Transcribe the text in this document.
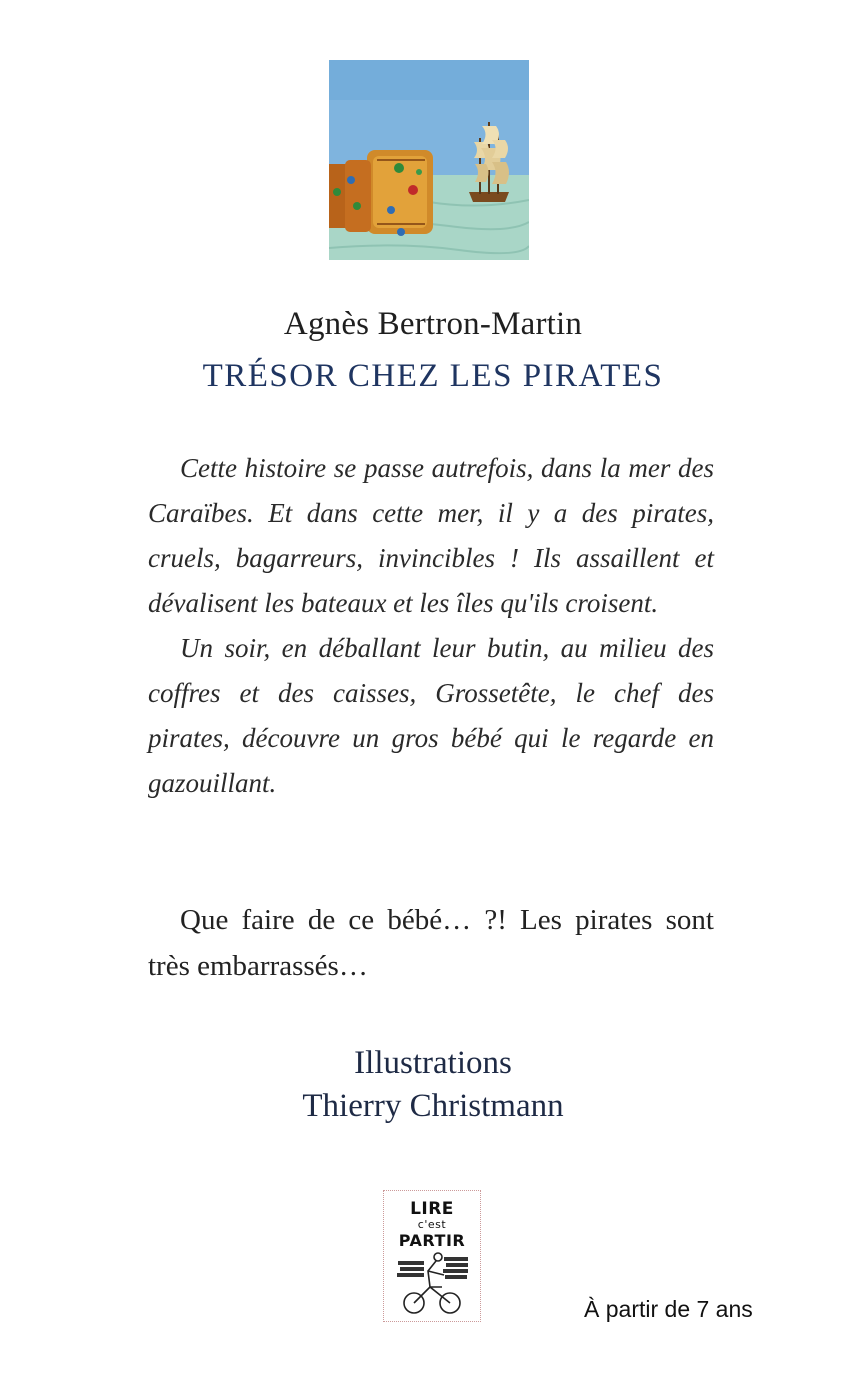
Agnès Bertron-Martin
TRÉSOR CHEZ LES PIRATES

Cette histoire se passe autrefois, dans la mer des Caraïbes. Et dans cette mer, il y a des pirates, cruels, bagarreurs, invincibles ! Ils assaillent et dévalisent les bateaux et les îles qu'ils croisent.

Un soir, en déballant leur butin, au milieu des coffres et des caisses, Grossetête, le chef des pirates, découvre un gros bébé qui le regarde en gazouillant.

Que faire de ce bébé… ?! Les pirates sont très embarrassés…

Illustrations
Thierry Christmann
LIRE
c'est
PARTIR
À partir de 7 ans
